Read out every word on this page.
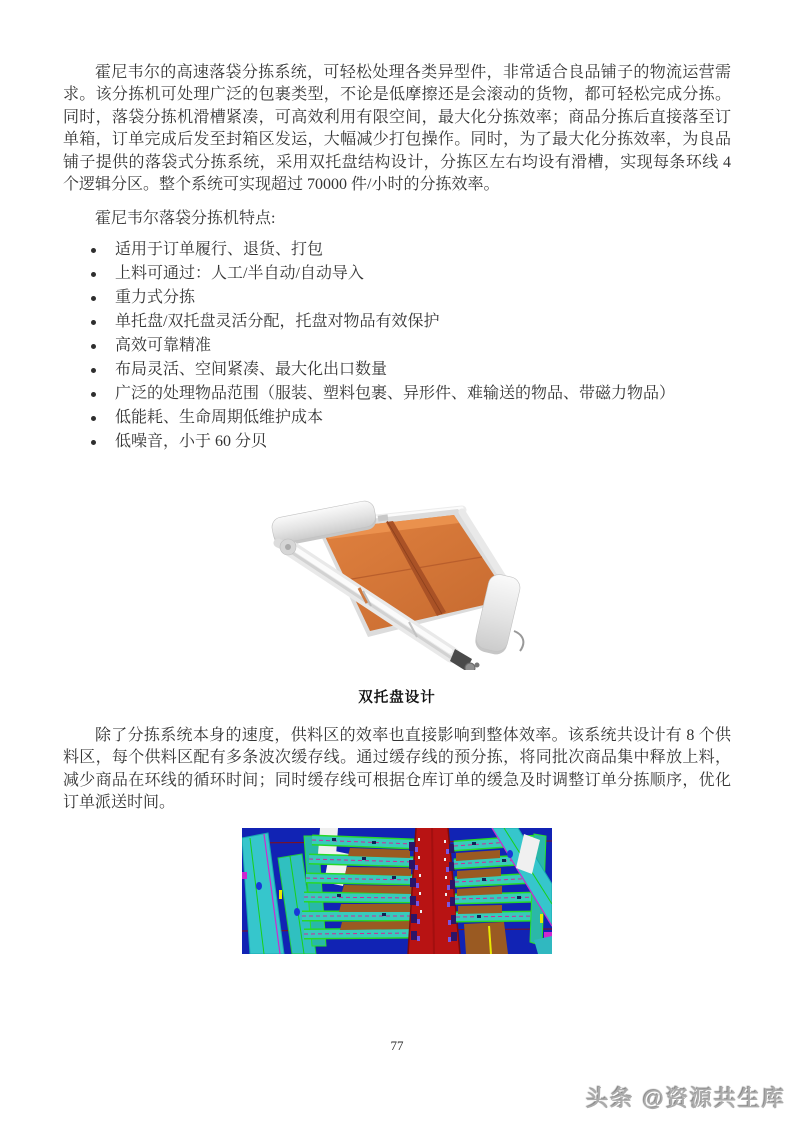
霍尼韦尔的高速落袋分拣系统，可轻松处理各类异型件，非常适合良品铺子的物流运营需求。该分拣机可处理广泛的包裹类型，不论是低摩擦还是会滚动的货物，都可轻松完成分拣。同时，落袋分拣机滑槽紧凑，可高效利用有限空间，最大化分拣效率；商品分拣后直接落至订单箱，订单完成后发至封箱区发运，大幅减少打包操作。同时，为了最大化分拣效率，为良品铺子提供的落袋式分拣系统，采用双托盘结构设计，分拣区左右均设有滑槽，实现每条环线 4 个逻辑分区。整个系统可实现超过 70000 件/小时的分拣效率。

霍尼韦尔落袋分拣机特点:

适用于订单履行、退货、打包
上料可通过：人工/半自动/自动导入
重力式分拣
单托盘/双托盘灵活分配，托盘对物品有效保护
高效可靠精准
布局灵活、空间紧凑、最大化出口数量
广泛的处理物品范围（服装、塑料包裹、异形件、难输送的物品、带磁力物品）
低能耗、生命周期低维护成本
低噪音，小于 60 分贝
双托盘设计

除了分拣系统本身的速度，供料区的效率也直接影响到整体效率。该系统共设计有 8 个供料区，每个供料区配有多条波次缓存线。通过缓存线的预分拣，将同批次商品集中释放上料，减少商品在环线的循环时间；同时缓存线可根据仓库订单的缓急及时调整订单分拣顺序，优化订单派送时间。

77
头条 @资源共生库
